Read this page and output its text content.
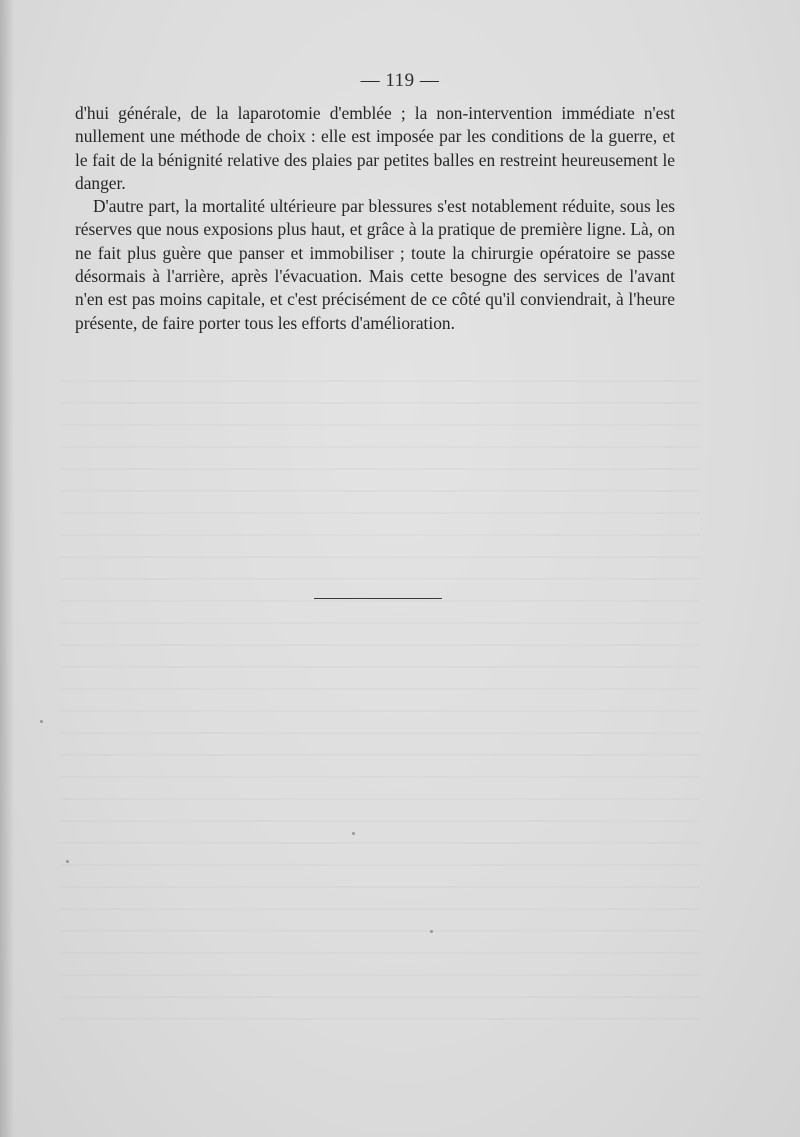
— 119 —

d'hui générale, de la laparotomie d'emblée ; la non-intervention immédiate n'est nullement une méthode de choix : elle est imposée par les conditions de la guerre, et le fait de la bénignité relative des plaies par petites balles en restreint heureusement le danger.

D'autre part, la mortalité ultérieure par blessures s'est notablement réduite, sous les réserves que nous exposions plus haut, et grâce à la pratique de première ligne. Là, on ne fait plus guère que panser et immobiliser ; toute la chirurgie opératoire se passe désormais à l'arrière, après l'évacuation. Mais cette besogne des services de l'avant n'en est pas moins capitale, et c'est précisément de ce côté qu'il conviendrait, à l'heure présente, de faire porter tous les efforts d'amélioration.
